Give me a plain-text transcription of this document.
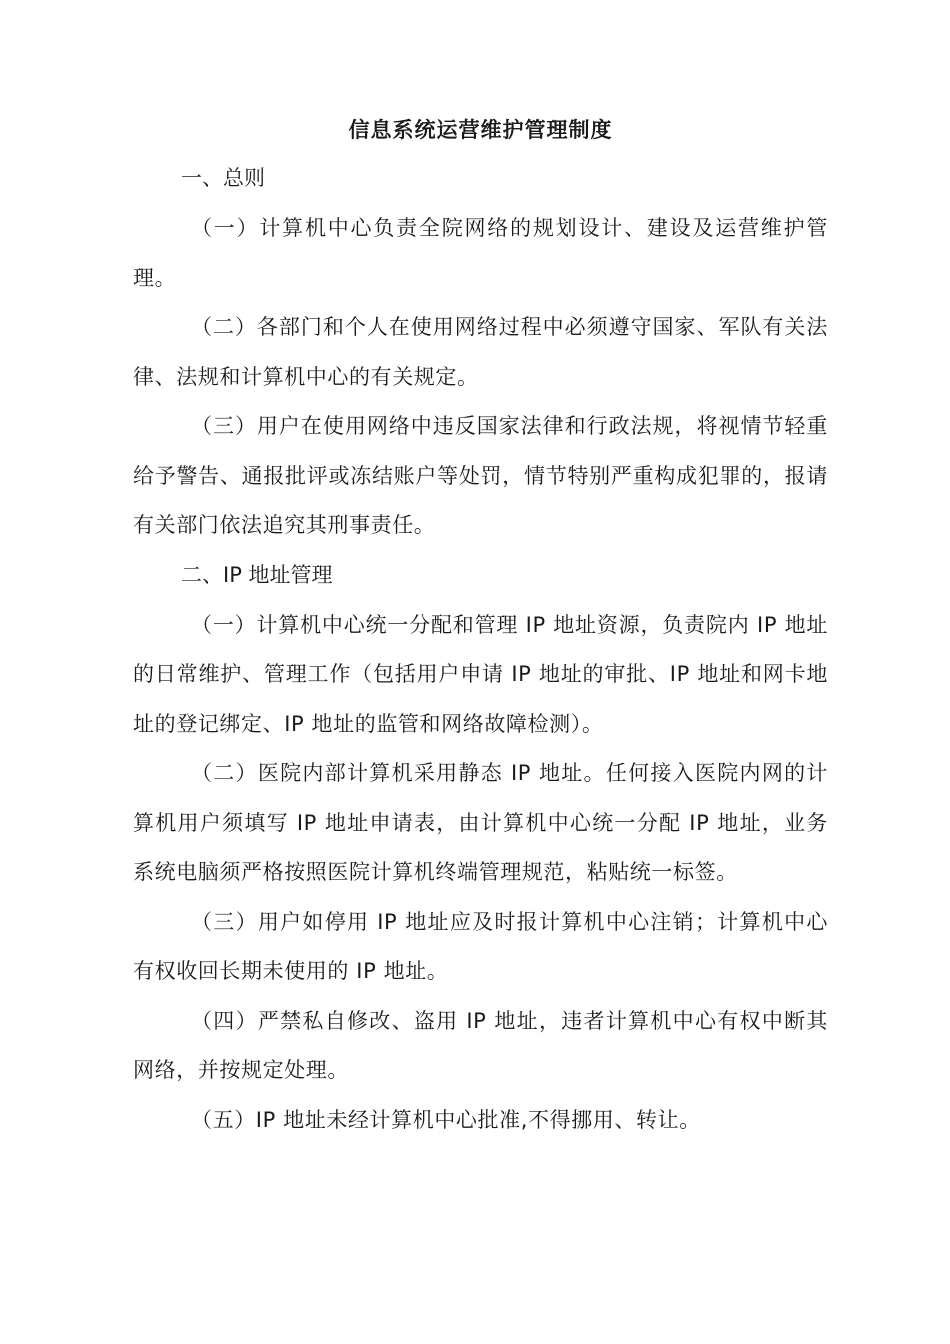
信息系统运营维护管理制度

一、总则

（一）计算机中心负责全院网络的规划设计、建设及运营维护管理。

（二）各部门和个人在使用网络过程中必须遵守国家、军队有关法律、法规和计算机中心的有关规定。

（三）用户在使用网络中违反国家法律和行政法规，将视情节轻重给予警告、通报批评或冻结账户等处罚，情节特别严重构成犯罪的，报请有关部门依法追究其刑事责任。

二、IP 地址管理

（一）计算机中心统一分配和管理 IP 地址资源，负责院内 IP 地址的日常维护、管理工作（包括用户申请 IP 地址的审批、IP 地址和网卡地址的登记绑定、IP 地址的监管和网络故障检测）。

（二）医院内部计算机采用静态 IP 地址。任何接入医院内网的计算机用户须填写 IP 地址申请表，由计算机中心统一分配 IP 地址，业务系统电脑须严格按照医院计算机终端管理规范，粘贴统一标签。

（三）用户如停用 IP 地址应及时报计算机中心注销；计算机中心有权收回长期未使用的 IP 地址。

（四）严禁私自修改、盗用 IP 地址，违者计算机中心有权中断其网络，并按规定处理。

（五）IP 地址未经计算机中心批准,不得挪用、转让。
